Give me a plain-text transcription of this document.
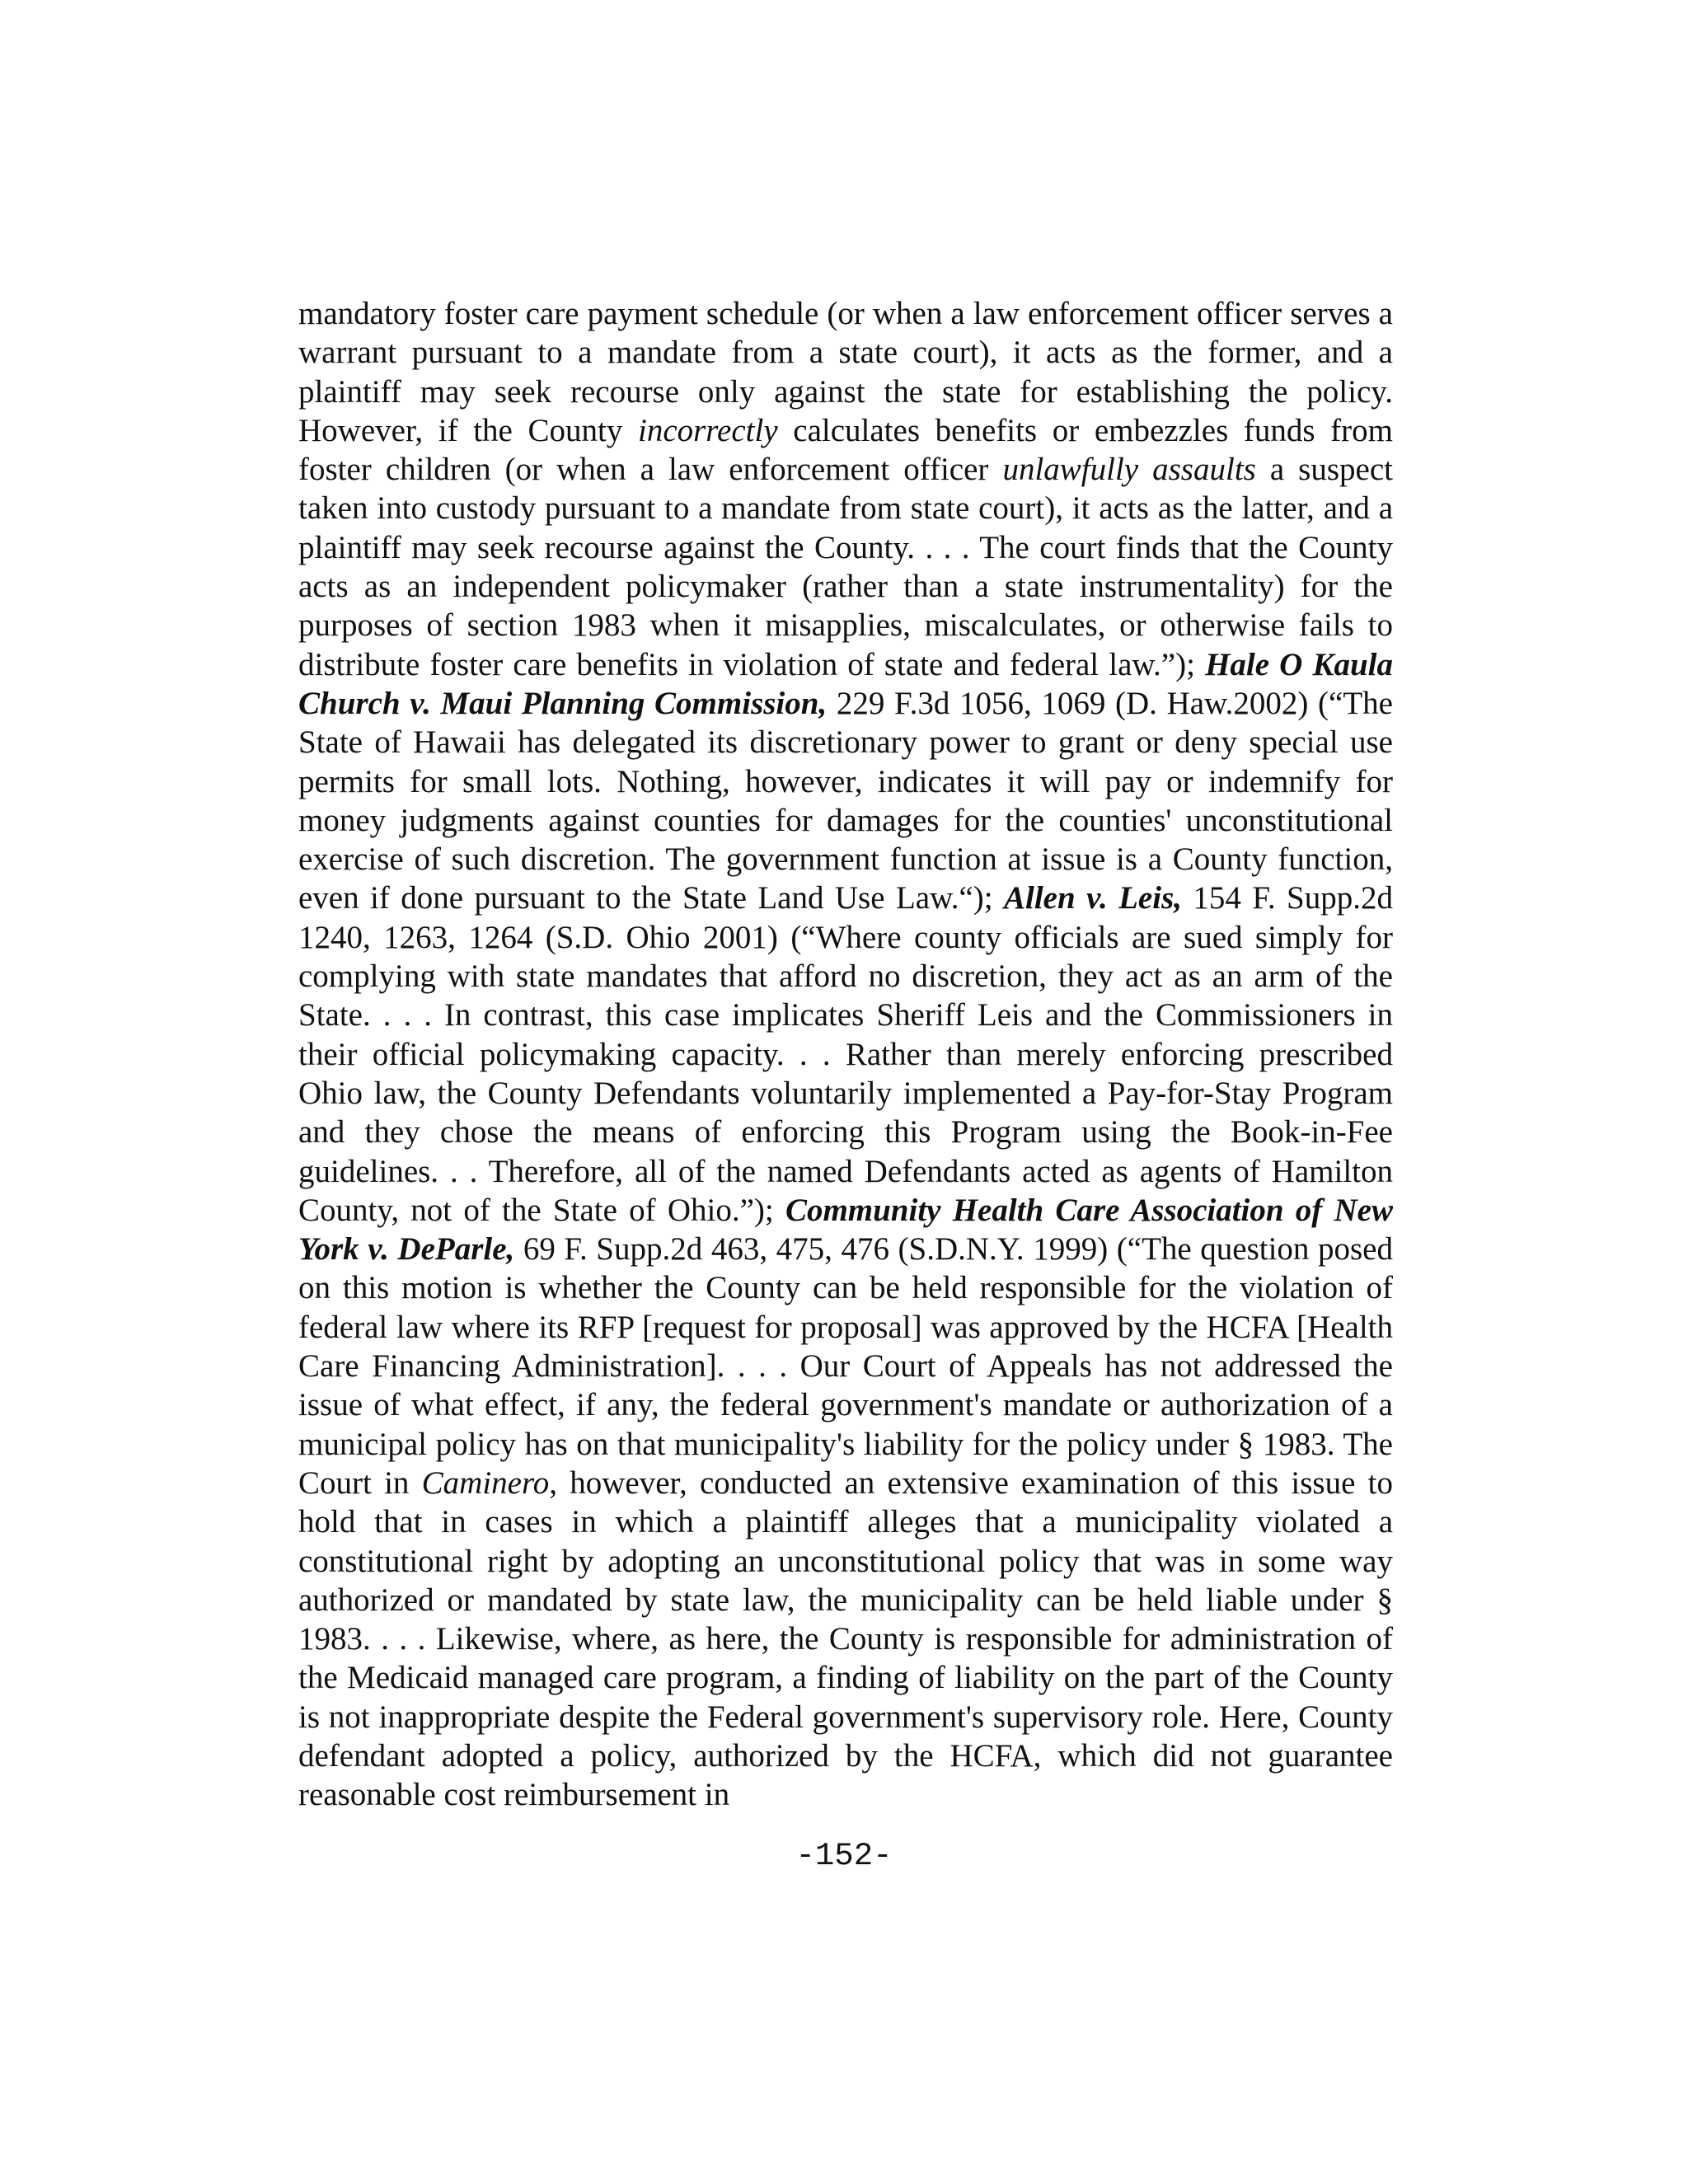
mandatory foster care payment schedule (or when a law enforcement officer serves a warrant pursuant to a mandate from a state court), it acts as the former, and a plaintiff may seek recourse only against the state for establishing the policy. However, if the County incorrectly calculates benefits or embezzles funds from foster children (or when a law enforcement officer unlawfully assaults a suspect taken into custody pursuant to a mandate from state court), it acts as the latter, and a plaintiff may seek recourse against the County. . . . The court finds that the County acts as an independent policymaker (rather than a state instrumentality) for the purposes of section 1983 when it misapplies, miscalculates, or otherwise fails to distribute foster care benefits in violation of state and federal law.”); Hale O Kaula Church v. Maui Planning Commission, 229 F.3d 1056, 1069 (D. Haw.2002) (“The State of Hawaii has delegated its discretionary power to grant or deny special use permits for small lots. Nothing, however, indicates it will pay or indemnify for money judgments against counties for damages for the counties' unconstitutional exercise of such discretion. The government function at issue is a County function, even if done pursuant to the State Land Use Law.“); Allen v. Leis, 154 F. Supp.2d 1240, 1263, 1264 (S.D. Ohio 2001) (“Where county officials are sued simply for complying with state mandates that afford no discretion, they act as an arm of the State. . . . In contrast, this case implicates Sheriff Leis and the Commissioners in their official policymaking capacity. . . Rather than merely enforcing prescribed Ohio law, the County Defendants voluntarily implemented a Pay-for-Stay Program and they chose the means of enforcing this Program using the Book-in-Fee guidelines. . . Therefore, all of the named Defendants acted as agents of Hamilton County, not of the State of Ohio.”); Community Health Care Association of New York v. DeParle, 69 F. Supp.2d 463, 475, 476 (S.D.N.Y. 1999) (“The question posed on this motion is whether the County can be held responsible for the violation of federal law where its RFP [request for proposal] was approved by the HCFA [Health Care Financing Administration]. . . . Our Court of Appeals has not addressed the issue of what effect, if any, the federal government's mandate or authorization of a municipal policy has on that municipality's liability for the policy under § 1983. The Court in Caminero, however, conducted an extensive examination of this issue to hold that in cases in which a plaintiff alleges that a municipality violated a constitutional right by adopting an unconstitutional policy that was in some way authorized or mandated by state law, the municipality can be held liable under § 1983. . . . Likewise, where, as here, the County is responsible for administration of the Medicaid managed care program, a finding of liability on the part of the County is not inappropriate despite the Federal government's supervisory role. Here, County defendant adopted a policy, authorized by the HCFA, which did not guarantee reasonable cost reimbursement in

-152-
